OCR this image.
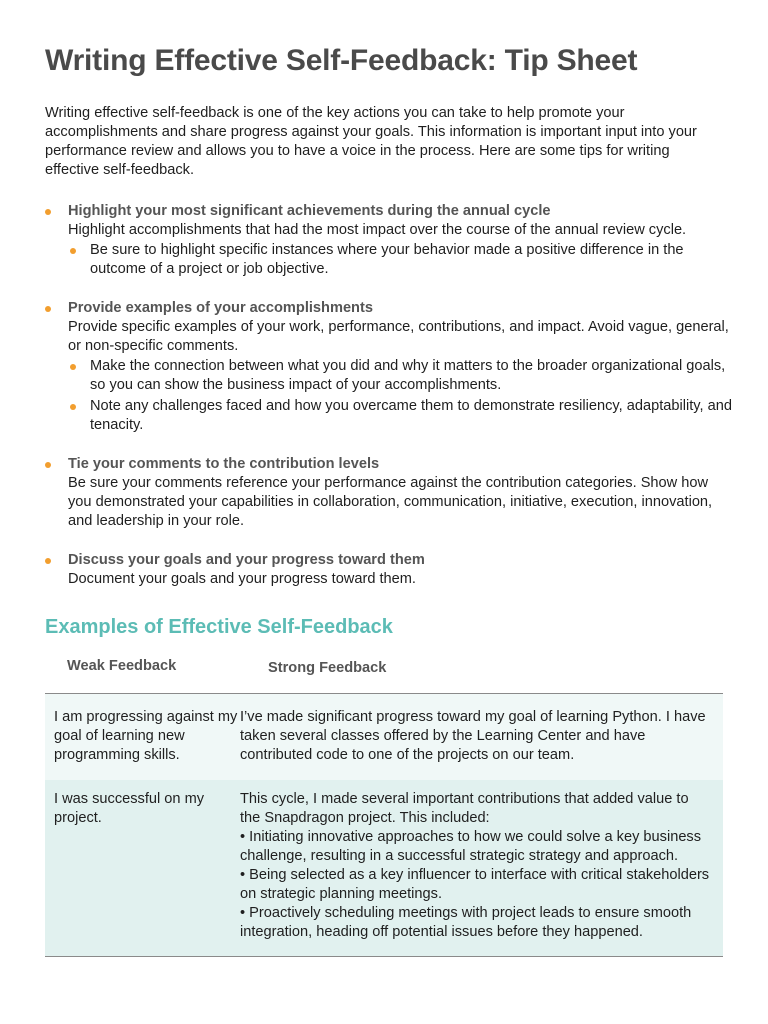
Writing Effective Self-Feedback: Tip Sheet

Writing effective self-feedback is one of the key actions you can take to help promote your accomplishments and share progress against your goals. This information is important input into your performance review and allows you to have a voice in the process. Here are some tips for writing effective self-feedback.

Highlight your most significant achievements during the annual cycle
Highlight accomplishments that had the most impact over the course of the annual review cycle.
Be sure to highlight specific instances where your behavior made a positive difference in the outcome of a project or job objective.
Provide examples of your accomplishments
Provide specific examples of your work, performance, contributions, and impact. Avoid vague, general, or non-specific comments.
Make the connection between what you did and why it matters to the broader organizational goals, so you can show the business impact of your accomplishments.
Note any challenges faced and how you overcame them to demonstrate resiliency, adaptability, and tenacity.
Tie your comments to the contribution levels
Be sure your comments reference your performance against the contribution categories. Show how you demonstrated your capabilities in collaboration, communication, initiative, execution, innovation, and leadership in your role.
Discuss your goals and your progress toward them
Document your goals and your progress toward them.
Examples of Effective Self-Feedback
Weak Feedback	Strong Feedback
I am progressing against my goal of learning new programming skills.
I’ve made significant progress toward my goal of learning Python. I have taken several classes offered by the Learning Center and have contributed code to one of the projects on our team.
I was successful on my project.
This cycle, I made several important contributions that added value to the Snapdragon project. This included:
• Initiating innovative approaches to how we could solve a key business challenge, resulting in a successful strategic strategy and approach.
• Being selected as a key influencer to interface with critical stakeholders on strategic planning meetings.
• Proactively scheduling meetings with project leads to ensure smooth integration, heading off potential issues before they happened.
